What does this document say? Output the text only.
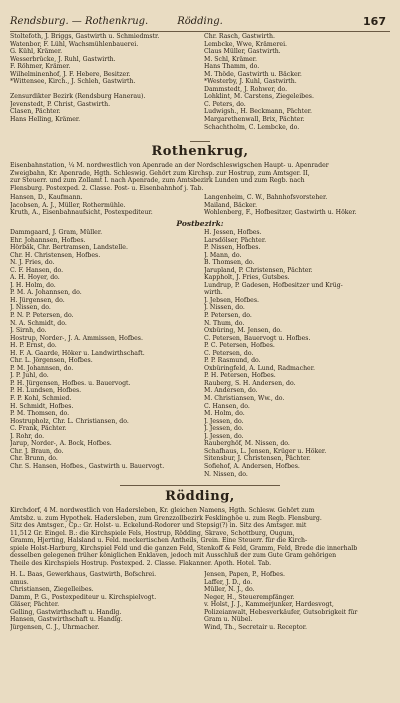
Rendsburg. — Rothenkrug.	Rödding.	167
Stoltefoth, J. Briggs, Gastwirth u. Schmiedmstr.
Watenbor, F. Lühl, Wachsmühlenbauerei.
G. Kühl, Krämer.
Wesserbrücke, J. Ruhl, Gastwirth.
F. Röhmer, Krämer.
Wilhelminenhof, J. F. Hebere, Besitzer.
*Wittensee, Kirch., J. Schleh, Gastwirth.

Zensurdikter Bezirk (Rendsburg Hanerau).
Jevenstedt, P. Christ, Gastwirth.
Clasen, Pächter.
Hans Helling, Krämer.
Chr. Rasch, Gastwirth.
Lembcke, Wwe, Krämerei.
Claus Müller, Gastwirth.
M. Schl, Krämer.
Hans Thamm, do.
M. Thöde, Gastwirth u. Bäcker.
*Westerby, J. Kuhl, Gastwirth.
Dammstedt, J. Rohwer, do.
Lohklint, M. Carstens, Ziegeleibes.
C. Peters, do.
Ludwigsh., H. Beckmann, Pächter.
Margarethenwall, Brix, Pächter.
Schachtholm, C. Lembcke, do.
Rothenkrug,
Eisenbahnstation, ¼ M. nordwestlich von Apenrade an der Nordschleswigschen Haupt- u. Apenrader
Zweigbahn, Kr. Apenrade, Hgth. Schleswig. Gehört zum Kirchsp. zur Hostrup, zum Amtsger. II,
zur Steuerr. und zum Zollamt I. nach Apenrade, zum Amtsbezirk Lunden und zum Regb. nach
Flensburg. Postexped. 2. Classe. Post- u. Eisenbahnhof j. Tab.
Hansen, D., Kaufmann.
Jacobsen, A. J., Müller, Rothermühle.
Kruth, A., Eisenbahnaufsicht, Postexpediteur.
Langenheim, C. W., Bahnhofsvorsteher.
Mailand, Bäcker.
Wohlenberg, F., Hofbesitzer, Gastwirth u. Höker.
Postbezirk:
Dammgaard, J. Gram, Müller.
Ehr. Johannsen, Hofbes.
Hörbäk, Chr. Bertramsen, Landstelle.
Chr. H. Christensen, Hofbes.
N. J. Fries, do.
C. F. Hansen, do.
A. H. Hoyer, do.
J. H. Holm, do.
P. M. A. Johannsen, do.
H. Jürgensen, do.
J. Nissen, do.
P. N. P. Petersen, do.
N. A. Schmidt, do.
J. Sirnh, do.
Hostrup, Norder-, J. A. Ammissen, Hofbes.
H. P. Ernst, do.
H. F. A. Gaarde, Höker u. Landwirthschaft.
Chr. L. Jörgensen, Hofbes.
P. M. Johannsen, do.
J. P. Juhl, do.
P. H. Jürgensen, Hofbes. u. Bauervogt.
P. H. Lundsen, Hofbes.
F. P. Kohl, Schmied.
H. Schmidt, Hofbes.
P. M. Thomsen, do.
Hostrupholz, Chr. L. Christiansen, do.
C. Frank, Pächter.
J. Rohr, do.
Jarup, Norder-, A. Bock, Hofbes.
Chr. J. Braun, do.
Chr. Brunn, do.
Chr. S. Hansen, Hofbes., Gastwirth u. Bauervogt.
H. Jessen, Hofbes.
Larsdölser, Pächter.
P. Nissen, Hofbes.
J. Mann, do.
B. Thomsen, do.
Jarupland, P. Christensen, Pächter.
Kappholt, J. Fries, Gutsbes.
Lundrup, P. Gadesen, Hofbesitzer und Krüg-
wirth.
J. Jebsen, Hofbes.
J. Nissen, do.
P. Petersen, do.
N. Thum, do.
Oxbüring, M. Jensen, do.
C. Petersen, Bauervogt u. Hofbes.
P. C. Petersen, Hofbes.
C. Petersen, do.
P. P. Rasmund, do.
Oxbüringfeld, A. Lund, Radmacher.
P. H. Petersen, Hofbes.
Rauberg, S. H. Andersen, do.
M. Andersen, do.
M. Christiansen, Ww., do.
C. Hansen, do.
M. Holm, do.
J. Jessen, do.
J. Jessen, do.
J. Jessen, do.
Rauberghöf, M. Nissen, do.
Schafhaus, L. Jensen, Krüger u. Höker.
Sitensbur, J. Christensen, Pächter.
Sofiehof, A. Andersen, Hofbes.
N. Nissen, do.
Rödding,
Kirchdorf, 4 M. nordwestlich von Hadersleben, Kr. gleichen Namens, Hgth. Schlesw. Gehört zum
Amtsbz. u. zum Hypothek. Hadersleben, zum Grenzzollbezirk Fesklinghöe u. zum Regb. Flensburg.
Sitz des Amtsger., Cp.: Gr. Holst- u. Eckelund-Rodorer und Stepsig(?) in. Sitz des Amtsger. mit
11,512 Gr. Eingel. B.: die Kirchspiele Fels, Hostrup, Rödding, Skrave, Schottburg, Ougum,
Gramm, Hjerting, Halsland u. Feld. meckertischen Antheils, Grein. Eine Steuerr. für die Kirch-
spiele Holst-Harburg, Kirchspiel Feld und die ganzen Feld, Stenkoff & Feld, Gramm, Feld, Brede die innerhalb
desselben gelegenen früher königlichen Enklaven, jedoch mit Ausschluß der zum Gute Gram gehörigen
Theile des Kirchspiels Hostrup. Postexped. 2. Classe. Flakanner. Apoth. Hotel. Tab.
H. L. Baas, Gewerkhaus, Gastwirth, Bofschrei.
amus.
Christiansen, Ziegelleibes.
Damm, P. G., Postexpediteur u. Kirchspielvogt.
Gläser, Pächter.
Gelling, Gastwirthschaft u. Handlg.
Hansen, Gastwirthschaft u. Handlg.
Jürgensen, C. J., Uhrmacher.
Jensen, Papen, P., Hofbes.
Laffer, J. D., do.
Müller, N. J., do.
Neger, H., Steuerempfänger.
v. Holst, J. J., Kammerjunker, Hardesvogt,
Polizeianwalt, Hebesverkäufer, Gutsobrigkeit für
Gram u. Nübel.
Wind, Th., Secretair u. Receptor.
